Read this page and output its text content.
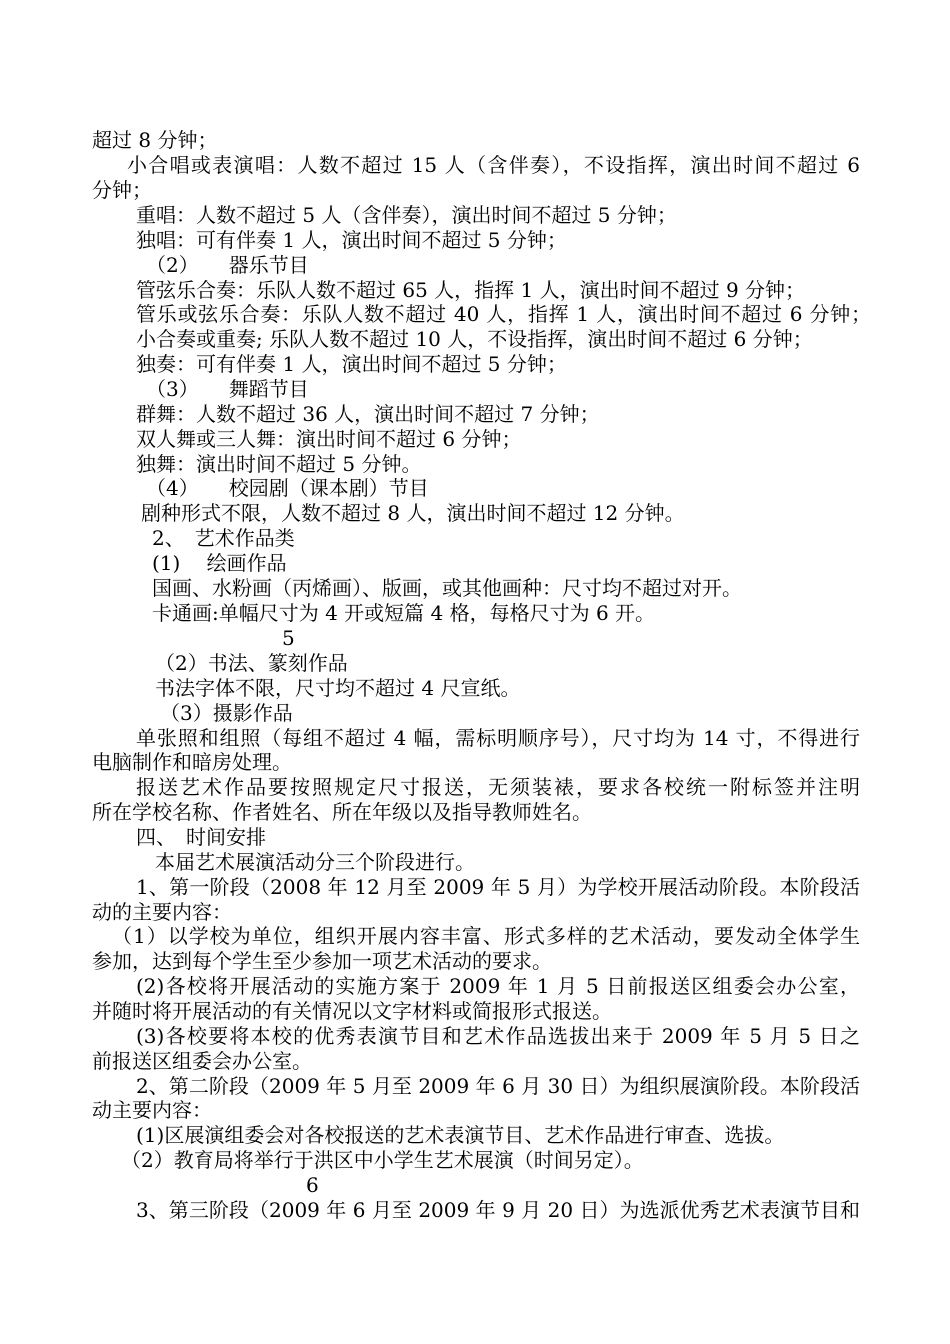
超过 8 分钟；
小合唱或表演唱：人数不超过 15 人（含伴奏），不设指挥，演出时间不超过 6
分钟；
重唱：人数不超过 5 人（含伴奏），演出时间不超过 5 分钟；
独唱：可有伴奏 1 人，演出时间不超过 5 分钟；
（2）　　器乐节目
管弦乐合奏：乐队人数不超过 65 人，指挥 1 人，演出时间不超过 9 分钟；
管乐或弦乐合奏：乐队人数不超过 40 人，指挥 1 人，演出时间不超过 6 分钟；
小合奏或重奏; 乐队人数不超过 10 人，不设指挥，演出时间不超过 6 分钟；
独奏：可有伴奏 1 人，演出时间不超过 5 分钟；
（3）　　舞蹈节目
群舞：人数不超过 36 人，演出时间不超过 7 分钟；
双人舞或三人舞：演出时间不超过 6 分钟；
独舞：演出时间不超过 5 分钟。
（4）　　校园剧（课本剧）节目
剧种形式不限，人数不超过 8 人，演出时间不超过 12 分钟。
2、　艺术作品类
(1)　 绘画作品
国画、水粉画（丙烯画）、版画，或其他画种：尺寸均不超过对开。
卡通画:单幅尺寸为 4 开或短篇 4 格，每格尺寸为 6 开。
5
（2）书法、篆刻作品
书法字体不限，尺寸均不超过 4 尺宣纸。
（3）摄影作品
单张照和组照（每组不超过 4 幅，需标明顺序号），尺寸均为 14 寸，不得进行
电脑制作和暗房处理。
报送艺术作品要按照规定尺寸报送，无须装裱，要求各校统一附标签并注明
所在学校名称、作者姓名、所在年级以及指导教师姓名。
四、　时间安排
本届艺术展演活动分三个阶段进行。
1、第一阶段（2008 年 12 月至 2009 年 5 月）为学校开展活动阶段。本阶段活
动的主要内容：
（1）以学校为单位，组织开展内容丰富、形式多样的艺术活动，要发动全体学生
参加，达到每个学生至少参加一项艺术活动的要求。
(2)各校将开展活动的实施方案于 2009 年 1 月 5 日前报送区组委会办公室，
并随时将开展活动的有关情况以文字材料或简报形式报送。
(3)各校要将本校的优秀表演节目和艺术作品选拔出来于 2009 年 5 月 5 日之
前报送区组委会办公室。
2、第二阶段（2009 年 5 月至 2009 年 6 月 30 日）为组织展演阶段。本阶段活
动主要内容：
(1)区展演组委会对各校报送的艺术表演节目、艺术作品进行审查、选拔。
（2）教育局将举行于洪区中小学生艺术展演（时间另定）。
6
3、第三阶段（2009 年 6 月至 2009 年 9 月 20 日）为选派优秀艺术表演节目和
